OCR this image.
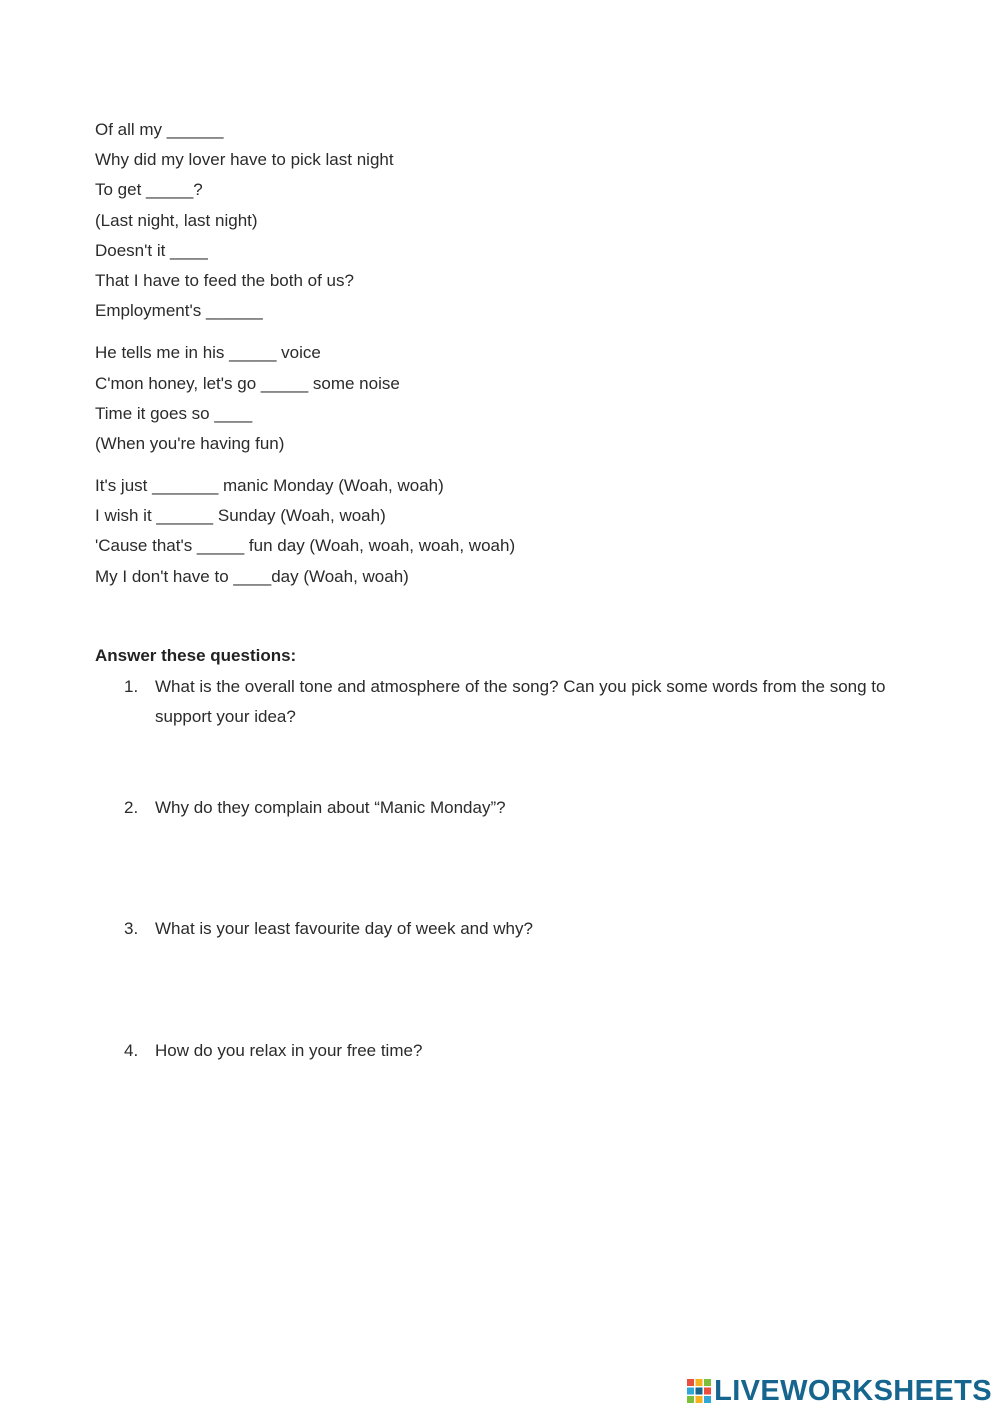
Of all my ______
Why did my lover have to pick last night
To get _____?
(Last night, last night)
Doesn't it ____
That I have to feed the both of us?
Employment's ______
He tells me in his _____ voice
C'mon honey, let's go _____ some noise
Time it goes so ____
(When you're having fun)
It's just _______ manic Monday (Woah, woah)
I wish it ______ Sunday (Woah, woah)
'Cause that's _____ fun day (Woah, woah, woah, woah)
My I don't have to ____day (Woah, woah)
Answer these questions:
1. What is the overall tone and atmosphere of the song? Can you pick some words from the song to support your idea?
2. Why do they complain about “Manic Monday”?
3. What is your least favourite day of week and why?
4. How do you relax in your free time?
LIVEWORKSHEETS
